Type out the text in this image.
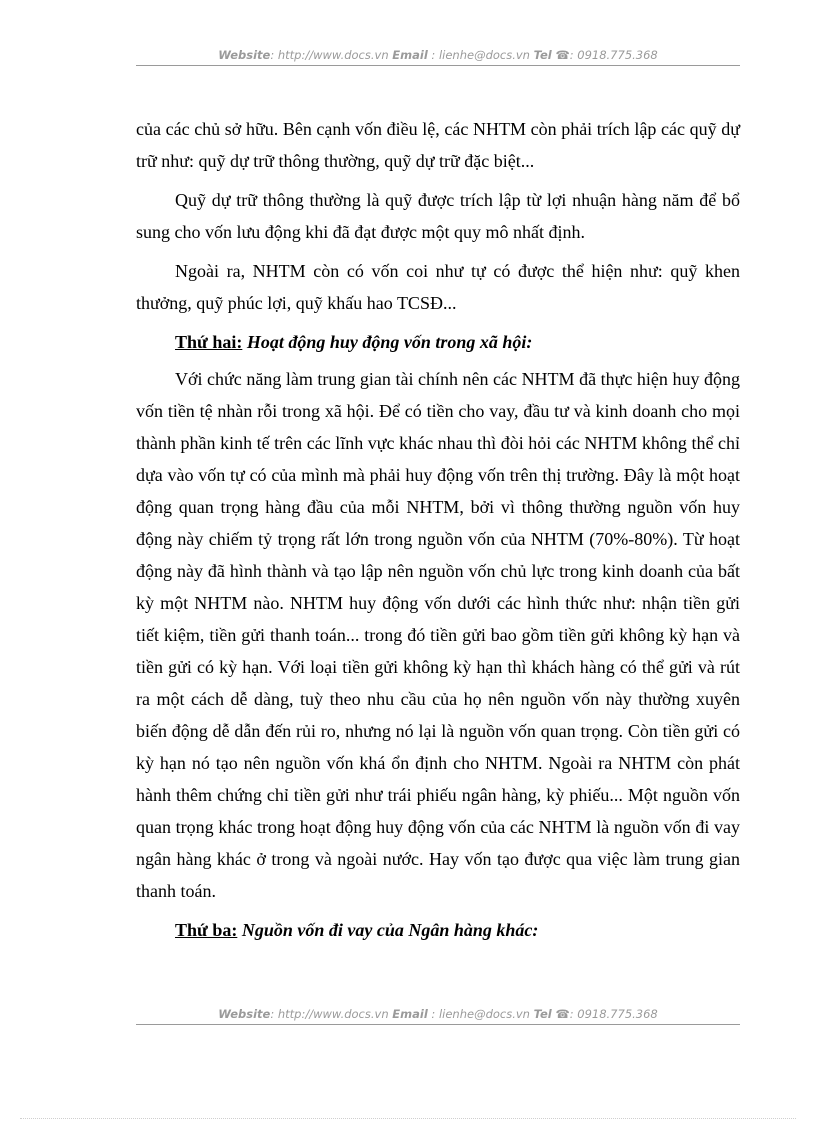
Website: http://www.docs.vn Email : lienhe@docs.vn Tel ☎: 0918.775.368

của các chủ sở hữu. Bên cạnh vốn điều lệ, các NHTM còn phải trích lập các quỹ dự trữ như: quỹ dự trữ thông thường, quỹ dự trữ đặc biệt...

Quỹ dự trữ thông thường là quỹ được trích lập từ lợi nhuận hàng năm để bổ sung cho vốn lưu động khi đã đạt được một quy mô nhất định.

Ngoài ra, NHTM còn có vốn coi như tự có được thể hiện như: quỹ khen thưởng, quỹ phúc lợi, quỹ khấu hao TCSĐ...

Thứ hai: Hoạt động huy động vốn trong xã hội:

Với chức năng làm trung gian tài chính nên các NHTM đã thực hiện huy động vốn tiền tệ nhàn rỗi trong xã hội. Để có tiền cho vay, đầu tư và kinh doanh cho mọi thành phần kinh tế trên các lĩnh vực khác nhau thì đòi hỏi các NHTM không thể chỉ dựa vào vốn tự có của mình mà phải huy động vốn trên thị trường. Đây là một hoạt động quan trọng hàng đầu của mỗi NHTM, bởi vì thông thường nguồn vốn huy động này chiếm tỷ trọng rất lớn trong nguồn vốn của NHTM (70%-80%). Từ hoạt động này đã hình thành và tạo lập nên nguồn vốn chủ lực trong kinh doanh của bất kỳ một NHTM nào. NHTM huy động vốn dưới các hình thức như: nhận tiền gửi tiết kiệm, tiền gửi thanh toán... trong đó tiền gửi bao gồm tiền gửi không kỳ hạn và tiền gửi có kỳ hạn. Với loại tiền gửi không kỳ hạn thì khách hàng có thể gửi và rút ra một cách dễ dàng, tuỳ theo nhu cầu của họ nên nguồn vốn này thường xuyên biến động dễ dẫn đến rủi ro, nhưng nó lại là nguồn vốn quan trọng. Còn tiền gửi có kỳ hạn nó tạo nên nguồn vốn khá ổn định cho NHTM. Ngoài ra NHTM còn phát hành thêm chứng chỉ tiền gửi như trái phiếu ngân hàng, kỳ phiếu... Một nguồn vốn quan trọng khác trong hoạt động huy động vốn của các NHTM là nguồn vốn đi vay ngân hàng khác ở trong và ngoài nước. Hay vốn tạo được qua việc làm trung gian thanh toán.

Thứ ba: Nguồn vốn đi vay của Ngân hàng khác:

Website: http://www.docs.vn Email : lienhe@docs.vn Tel ☎: 0918.775.368
